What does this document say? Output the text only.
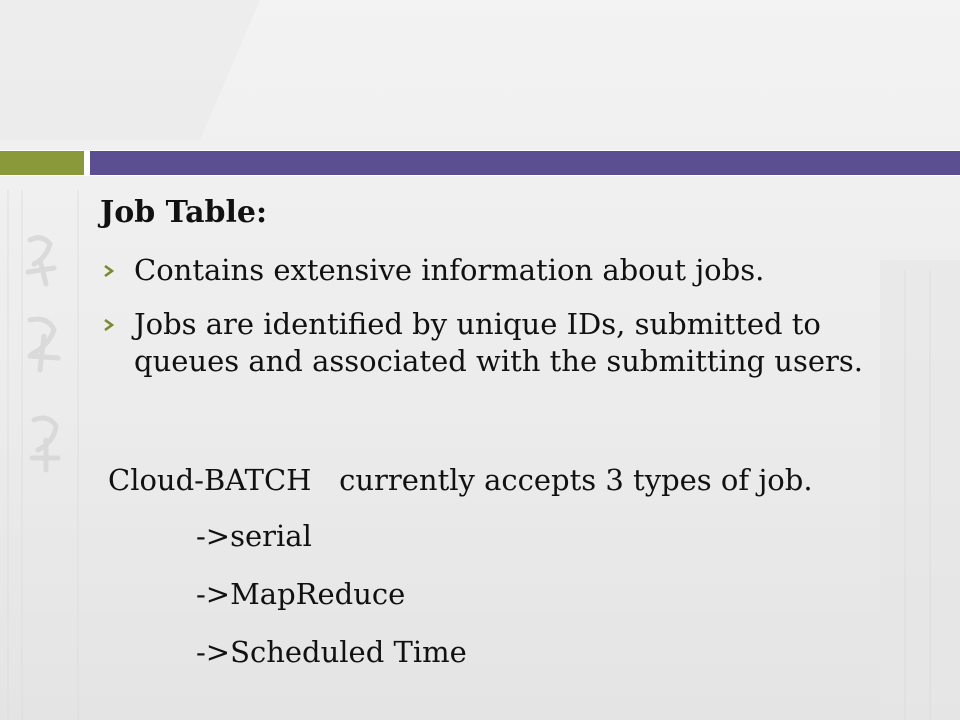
Job Table:
Contains extensive information about jobs.
Jobs are identified by unique IDs, submitted to queues and associated with the submitting users.
Cloud-BATCH   currently accepts 3 types of job.
->serial
->MapReduce
->Scheduled Time
